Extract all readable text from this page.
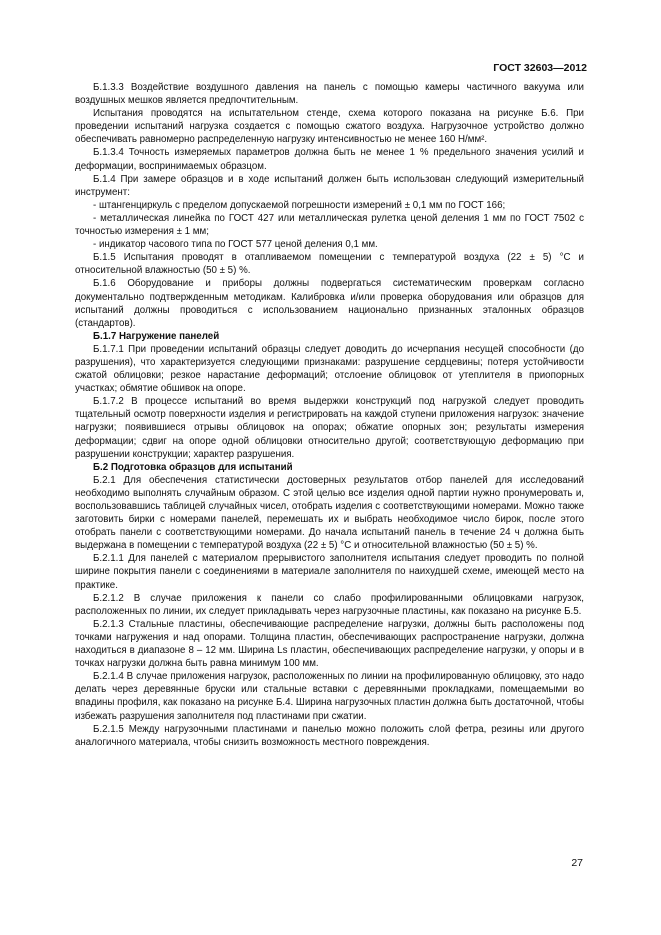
ГОСТ 32603—2012

Б.1.3.3 Воздействие воздушного давления на панель с помощью камеры частичного вакуума или воздушных мешков является предпочтительным.

Испытания проводятся на испытательном стенде, схема которого показана на рисунке Б.6. При проведении испытаний нагрузка создается с помощью сжатого воздуха. Нагрузочное устройство должно обеспечивать равномерно распределенную нагрузку интенсивностью не менее 160 Н/мм².

Б.1.3.4 Точность измеряемых параметров должна быть не менее 1 % предельного значения усилий и деформации, воспринимаемых образцом.

Б.1.4 При замере образцов и в ходе испытаний должен быть использован следующий измерительный инструмент:

- штангенциркуль с пределом допускаемой погрешности измерений ± 0,1 мм по ГОСТ 166;

- металлическая линейка по ГОСТ 427 или металлическая рулетка ценой деления 1 мм по ГОСТ 7502 с точностью измерения ± 1 мм;

- индикатор часового типа по ГОСТ 577 ценой деления 0,1 мм.

Б.1.5 Испытания проводят в отапливаемом помещении с температурой воздуха (22 ± 5) °С и относительной влажностью (50 ± 5) %.

Б.1.6 Оборудование и приборы должны подвергаться систематическим проверкам согласно документально подтвержденным методикам. Калибровка и/или проверка оборудования или образцов для испытаний должны проводиться с использованием национально признанных эталонных образцов (стандартов).

Б.1.7 Нагружение панелей

Б.1.7.1 При проведении испытаний образцы следует доводить до исчерпания несущей способности (до разрушения), что характеризуется следующими признаками: разрушение сердцевины; потеря устойчивости сжатой облицовки; резкое нарастание деформаций; отслоение облицовок от утеплителя в приопорных участках; обмятие обшивок на опоре.

Б.1.7.2 В процессе испытаний во время выдержки конструкций под нагрузкой следует проводить тщательный осмотр поверхности изделия и регистрировать на каждой ступени приложения нагрузок: значение нагрузки; появившиеся отрывы облицовок на опорах; обжатие опорных зон; результаты измерения деформации; сдвиг на опоре одной облицовки относительно другой; соответствующую деформацию при разрушении конструкции; характер разрушения.

Б.2 Подготовка образцов для испытаний

Б.2.1 Для обеспечения статистически достоверных результатов отбор панелей для исследований необходимо выполнять случайным образом. С этой целью все изделия одной партии нужно пронумеровать и, воспользовавшись таблицей случайных чисел, отобрать изделия с соответствующими номерами. Можно также заготовить бирки с номерами панелей, перемешать их и выбрать необходимое число бирок, после этого отобрать панели с соответствующими номерами. До начала испытаний панель в течение 24 ч должна быть выдержана в помещении с температурой воздуха (22 ± 5) °С и относительной влажностью (50 ± 5) %.

Б.2.1.1 Для панелей с материалом прерывистого заполнителя испытания следует проводить по полной ширине покрытия панели с соединениями в материале заполнителя по наихудшей схеме, имеющей место на практике.

Б.2.1.2 В случае приложения к панели со слабо профилированными облицовками нагрузок, расположенных по линии, их следует прикладывать через нагрузочные пластины, как показано на рисунке Б.5.

Б.2.1.3 Стальные пластины, обеспечивающие распределение нагрузки, должны быть расположены под точками нагружения и над опорами. Толщина пластин, обеспечивающих распространение нагрузки, должна находиться в диапазоне 8 – 12 мм. Ширина Ls пластин, обеспечивающих распределение нагрузки, у опоры и в точках нагрузки должна быть равна минимум 100 мм.

Б.2.1.4 В случае приложения нагрузок, расположенных по линии на профилированную облицовку, это надо делать через деревянные бруски или стальные вставки с деревянными прокладками, помещаемыми во впадины профиля, как показано на рисунке Б.4. Ширина нагрузочных пластин должна быть достаточной, чтобы избежать разрушения заполнителя под пластинами при сжатии.

Б.2.1.5 Между нагрузочными пластинами и панелью можно положить слой фетра, резины или другого аналогичного материала, чтобы снизить возможность местного повреждения.

27
